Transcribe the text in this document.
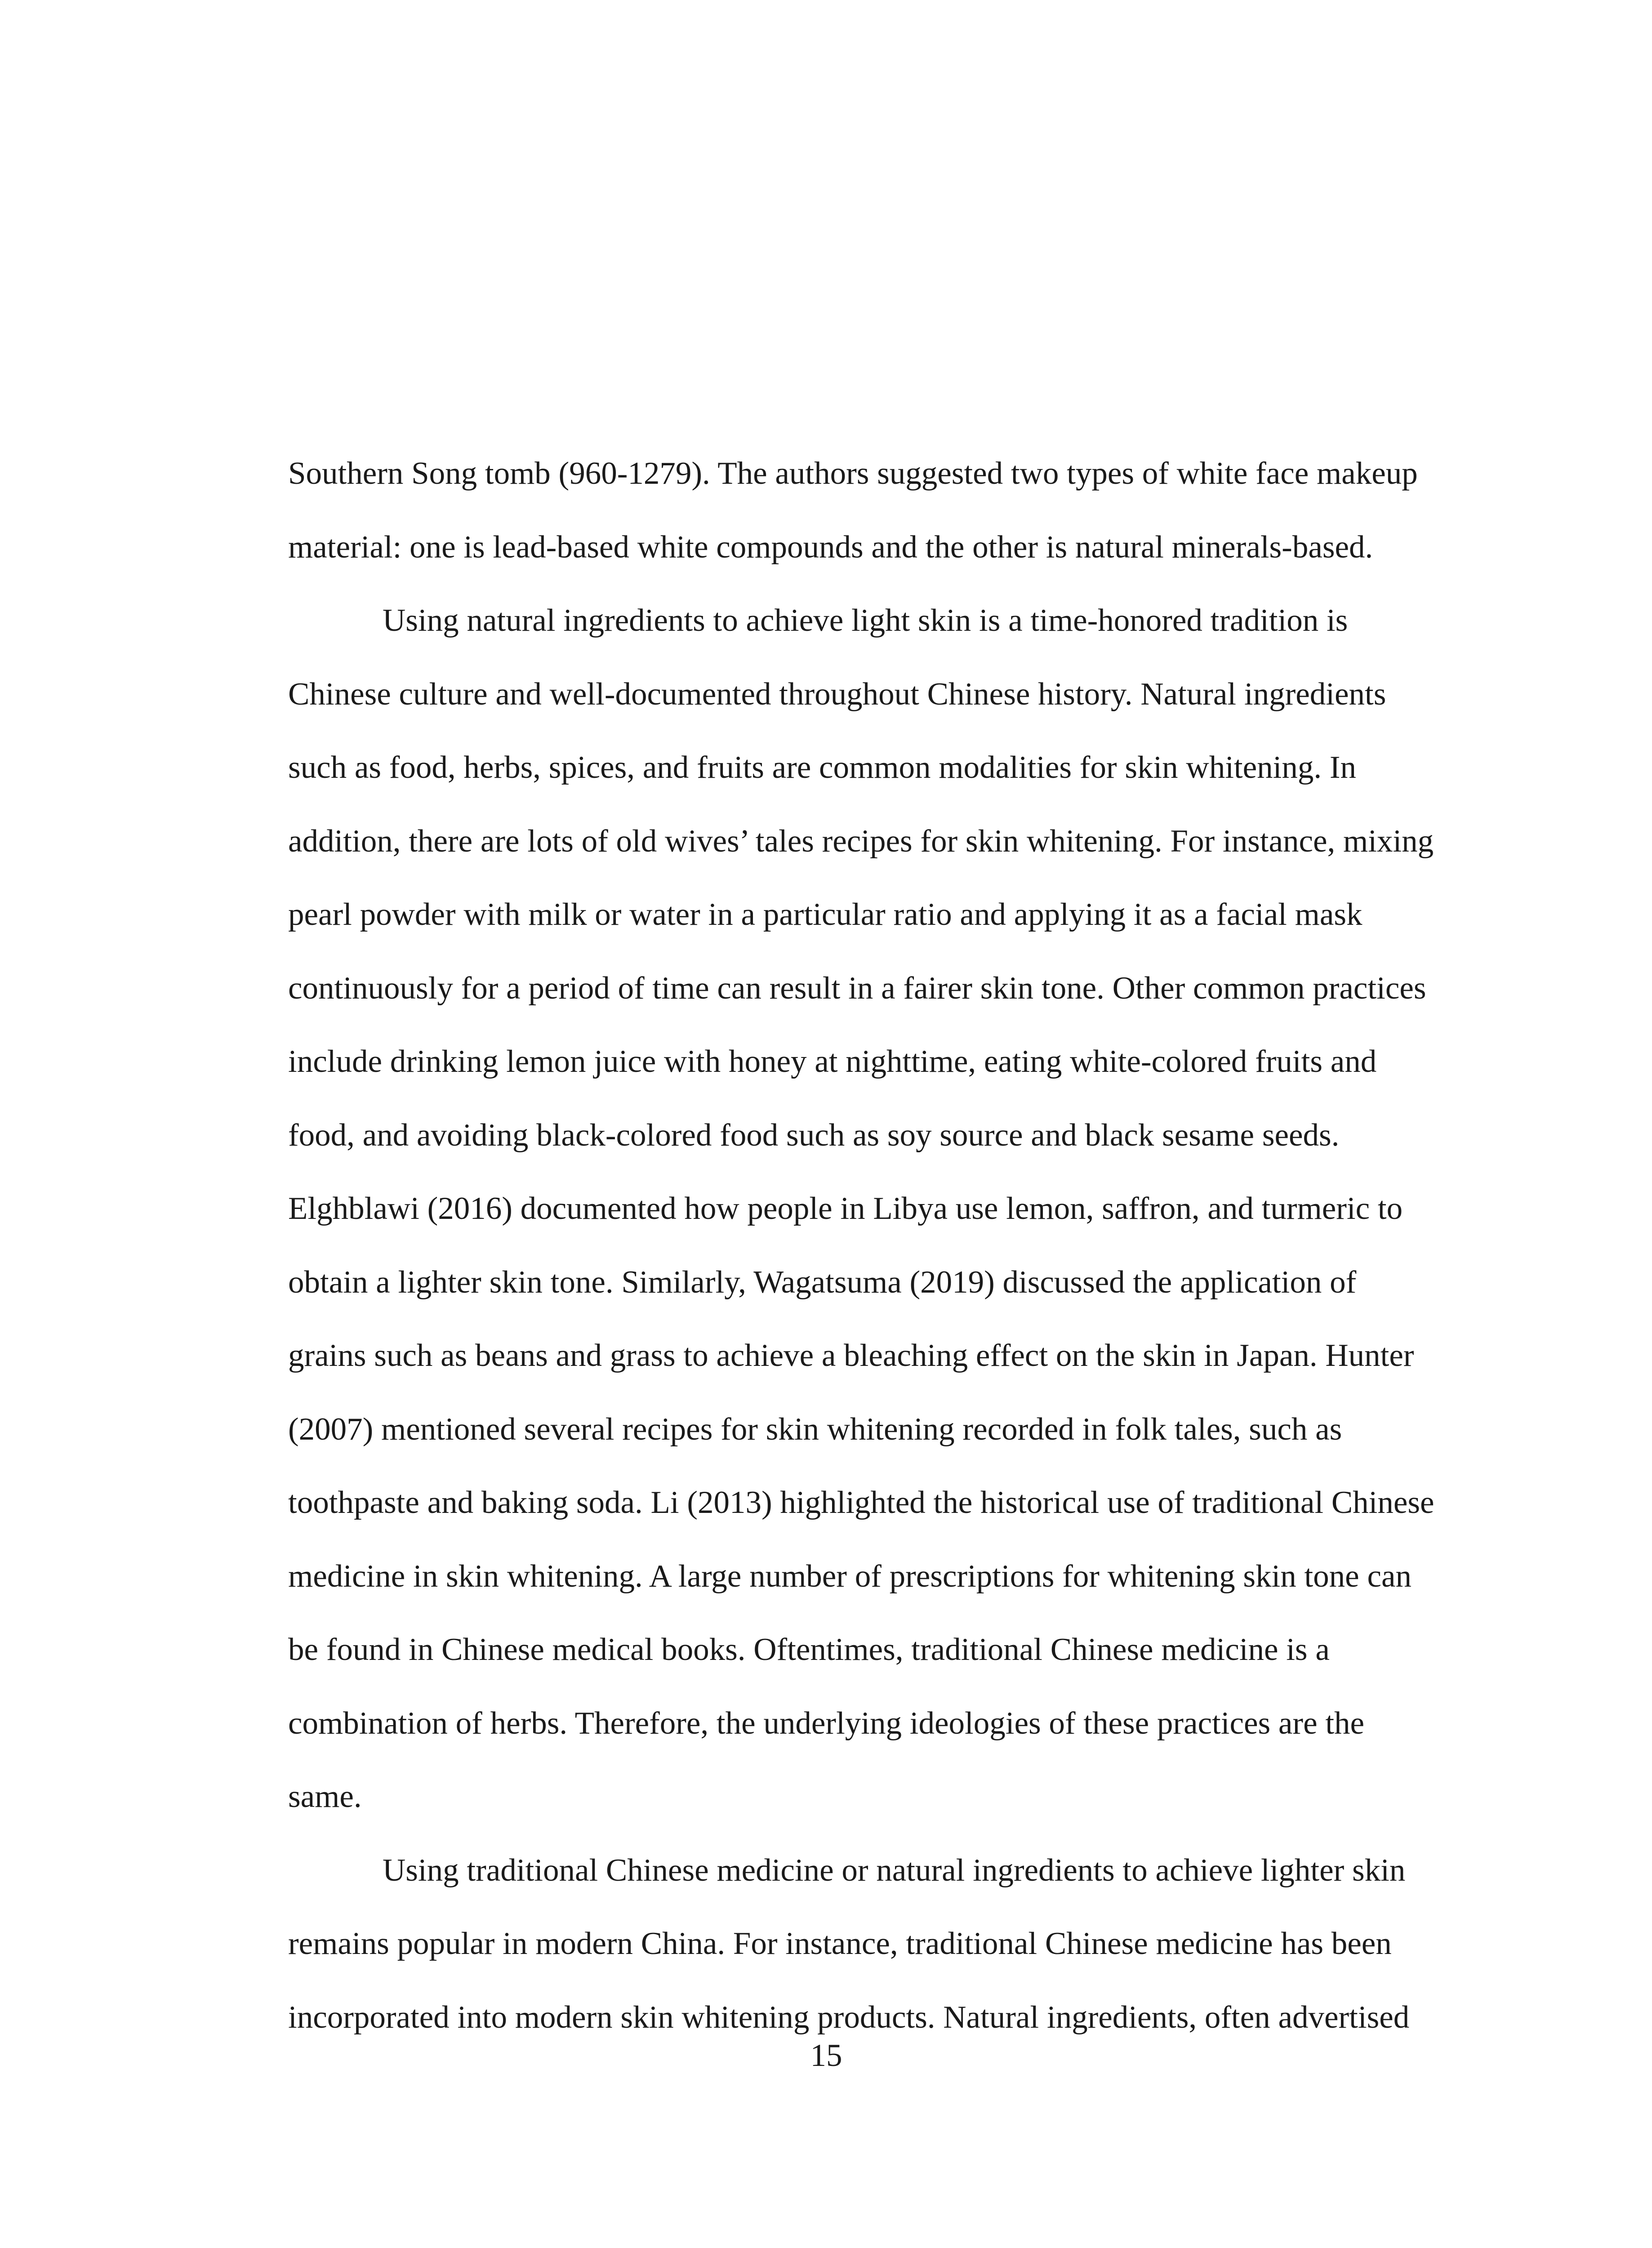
Southern Song tomb (960-1279). The authors suggested two types of white face makeup
material: one is lead-based white compounds and the other is natural minerals-based.
Using natural ingredients to achieve light skin is a time-honored tradition is
Chinese culture and well-documented throughout Chinese history. Natural ingredients
such as food, herbs, spices, and fruits are common modalities for skin whitening. In
addition, there are lots of old wives’ tales recipes for skin whitening. For instance, mixing
pearl powder with milk or water in a particular ratio and applying it as a facial mask
continuously for a period of time can result in a fairer skin tone. Other common practices
include drinking lemon juice with honey at nighttime, eating white-colored fruits and
food, and avoiding black-colored food such as soy source and black sesame seeds.
Elghblawi (2016) documented how people in Libya use lemon, saffron, and turmeric to
obtain a lighter skin tone. Similarly, Wagatsuma (2019) discussed the application of
grains such as beans and grass to achieve a bleaching effect on the skin in Japan. Hunter
(2007) mentioned several recipes for skin whitening recorded in folk tales, such as
toothpaste and baking soda. Li (2013) highlighted the historical use of traditional Chinese
medicine in skin whitening. A large number of prescriptions for whitening skin tone can
be found in Chinese medical books. Oftentimes, traditional Chinese medicine is a
combination of herbs. Therefore, the underlying ideologies of these practices are the
same.
Using traditional Chinese medicine or natural ingredients to achieve lighter skin
remains popular in modern China. For instance, traditional Chinese medicine has been
incorporated into modern skin whitening products. Natural ingredients, often advertised
15
